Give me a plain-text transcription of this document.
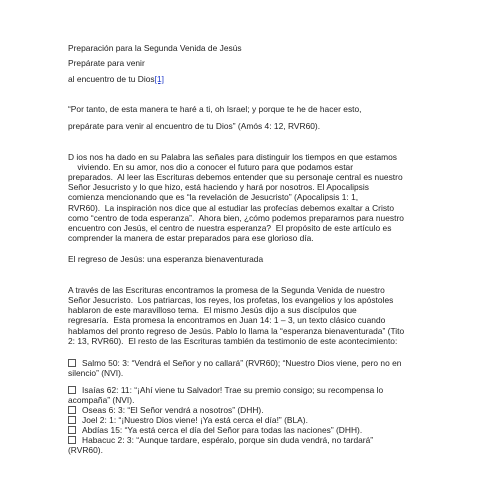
Preparación para la Segunda Venida de Jesús
Prepárate para venir
al encuentro de tu Dios[1]
“Por tanto, de esta manera te haré a ti, oh Israel; y porque te he de hacer esto,
prepárate para venir al encuentro de tu Dios” (Amós 4: 12, RVR60).
D ios nos ha dado en su Palabra las señales para distinguir los tiempos en que estamos
viviendo. En su amor, nos dio a conocer el futuro para que podamos estar
preparados.  Al leer las Escrituras debemos entender que su personaje central es nuestro
Señor Jesucristo y lo que hizo, está haciendo y hará por nosotros. El Apocalipsis
comienza mencionando que es “la revelación de Jesucristo” (Apocalipsis 1: 1,
RVR60).  La inspiración nos dice que al estudiar las profecías debemos exaltar a Cristo
como “centro de toda esperanza”.  Ahora bien, ¿cómo podemos prepararnos para nuestro
encuentro con Jesús, el centro de nuestra esperanza?  El propósito de este artículo es
comprender la manera de estar preparados para ese glorioso día.
El regreso de Jesús: una esperanza bienaventurada
A través de las Escrituras encontramos la promesa de la Segunda Venida de nuestro
Señor Jesucristo.  Los patriarcas, los reyes, los profetas, los evangelios y los apóstoles
hablaron de este maravilloso tema.  El mismo Jesús dijo a sus discípulos que
regresaría.  Esta promesa la encontramos en Juan 14: 1 – 3, un texto clásico cuando
hablamos del pronto regreso de Jesús. Pablo lo llama la “esperanza bienaventurada” (Tito
2: 13, RVR60).  El resto de las Escrituras también da testimonio de este acontecimiento:
Salmo 50: 3: “Vendrá el Señor y no callará” (RVR60); “Nuestro Dios viene, pero no en
silencio” (NVI).
Isaías 62: 11: “¡Ahí viene tu Salvador! Trae su premio consigo; su recompensa lo
acompaña” (NVI).
Oseas 6: 3: “El Señor vendrá a nosotros” (DHH).
Joel 2: 1: “¡Nuestro Dios viene! ¡Ya está cerca el día!” (BLA).
Abdías 15: “Ya está cerca el día del Señor para todas las naciones” (DHH).
Habacuc 2: 3: “Aunque tardare, espéralo, porque sin duda vendrá, no tardará”
(RVR60).
